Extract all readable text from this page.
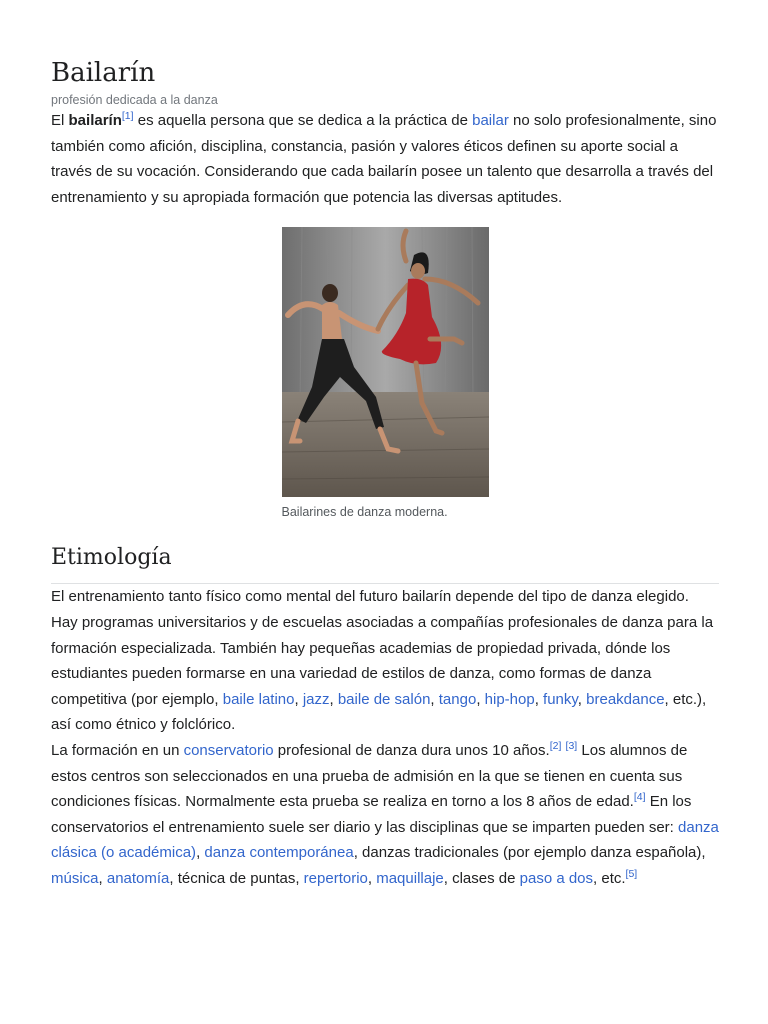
Bailarín
profesión dedicada a la danza

El bailarín[1] es aquella persona que se dedica a la práctica de bailar no solo profesionalmente, sino también como afición, disciplina, constancia, pasión y valores éticos definen su aporte social a través de su vocación. Considerando que cada bailarín posee un talento que desarrolla a través del entrenamiento y su apropiada formación que potencia las diversas aptitudes.

Bailarines de danza moderna.
Etimología

El entrenamiento tanto físico como mental del futuro bailarín depende del tipo de danza elegido. Hay programas universitarios y de escuelas asociadas a compañías profesionales de danza para la formación especializada. También hay pequeñas academias de propiedad privada, dónde los estudiantes pueden formarse en una variedad de estilos de danza, como formas de danza competitiva (por ejemplo, baile latino, jazz, baile de salón, tango, hip-hop, funky, breakdance, etc.), así como étnico y folclórico.

La formación en un conservatorio profesional de danza dura unos 10 años.[2] [3] Los alumnos de estos centros son seleccionados en una prueba de admisión en la que se tienen en cuenta sus condiciones físicas. Normalmente esta prueba se realiza en torno a los 8 años de edad.[4] En los conservatorios el entrenamiento suele ser diario y las disciplinas que se imparten pueden ser: danza clásica (o académica), danza contemporánea, danzas tradicionales (por ejemplo danza española), música, anatomía, técnica de puntas, repertorio, maquillaje, clases de paso a dos, etc.[5]
